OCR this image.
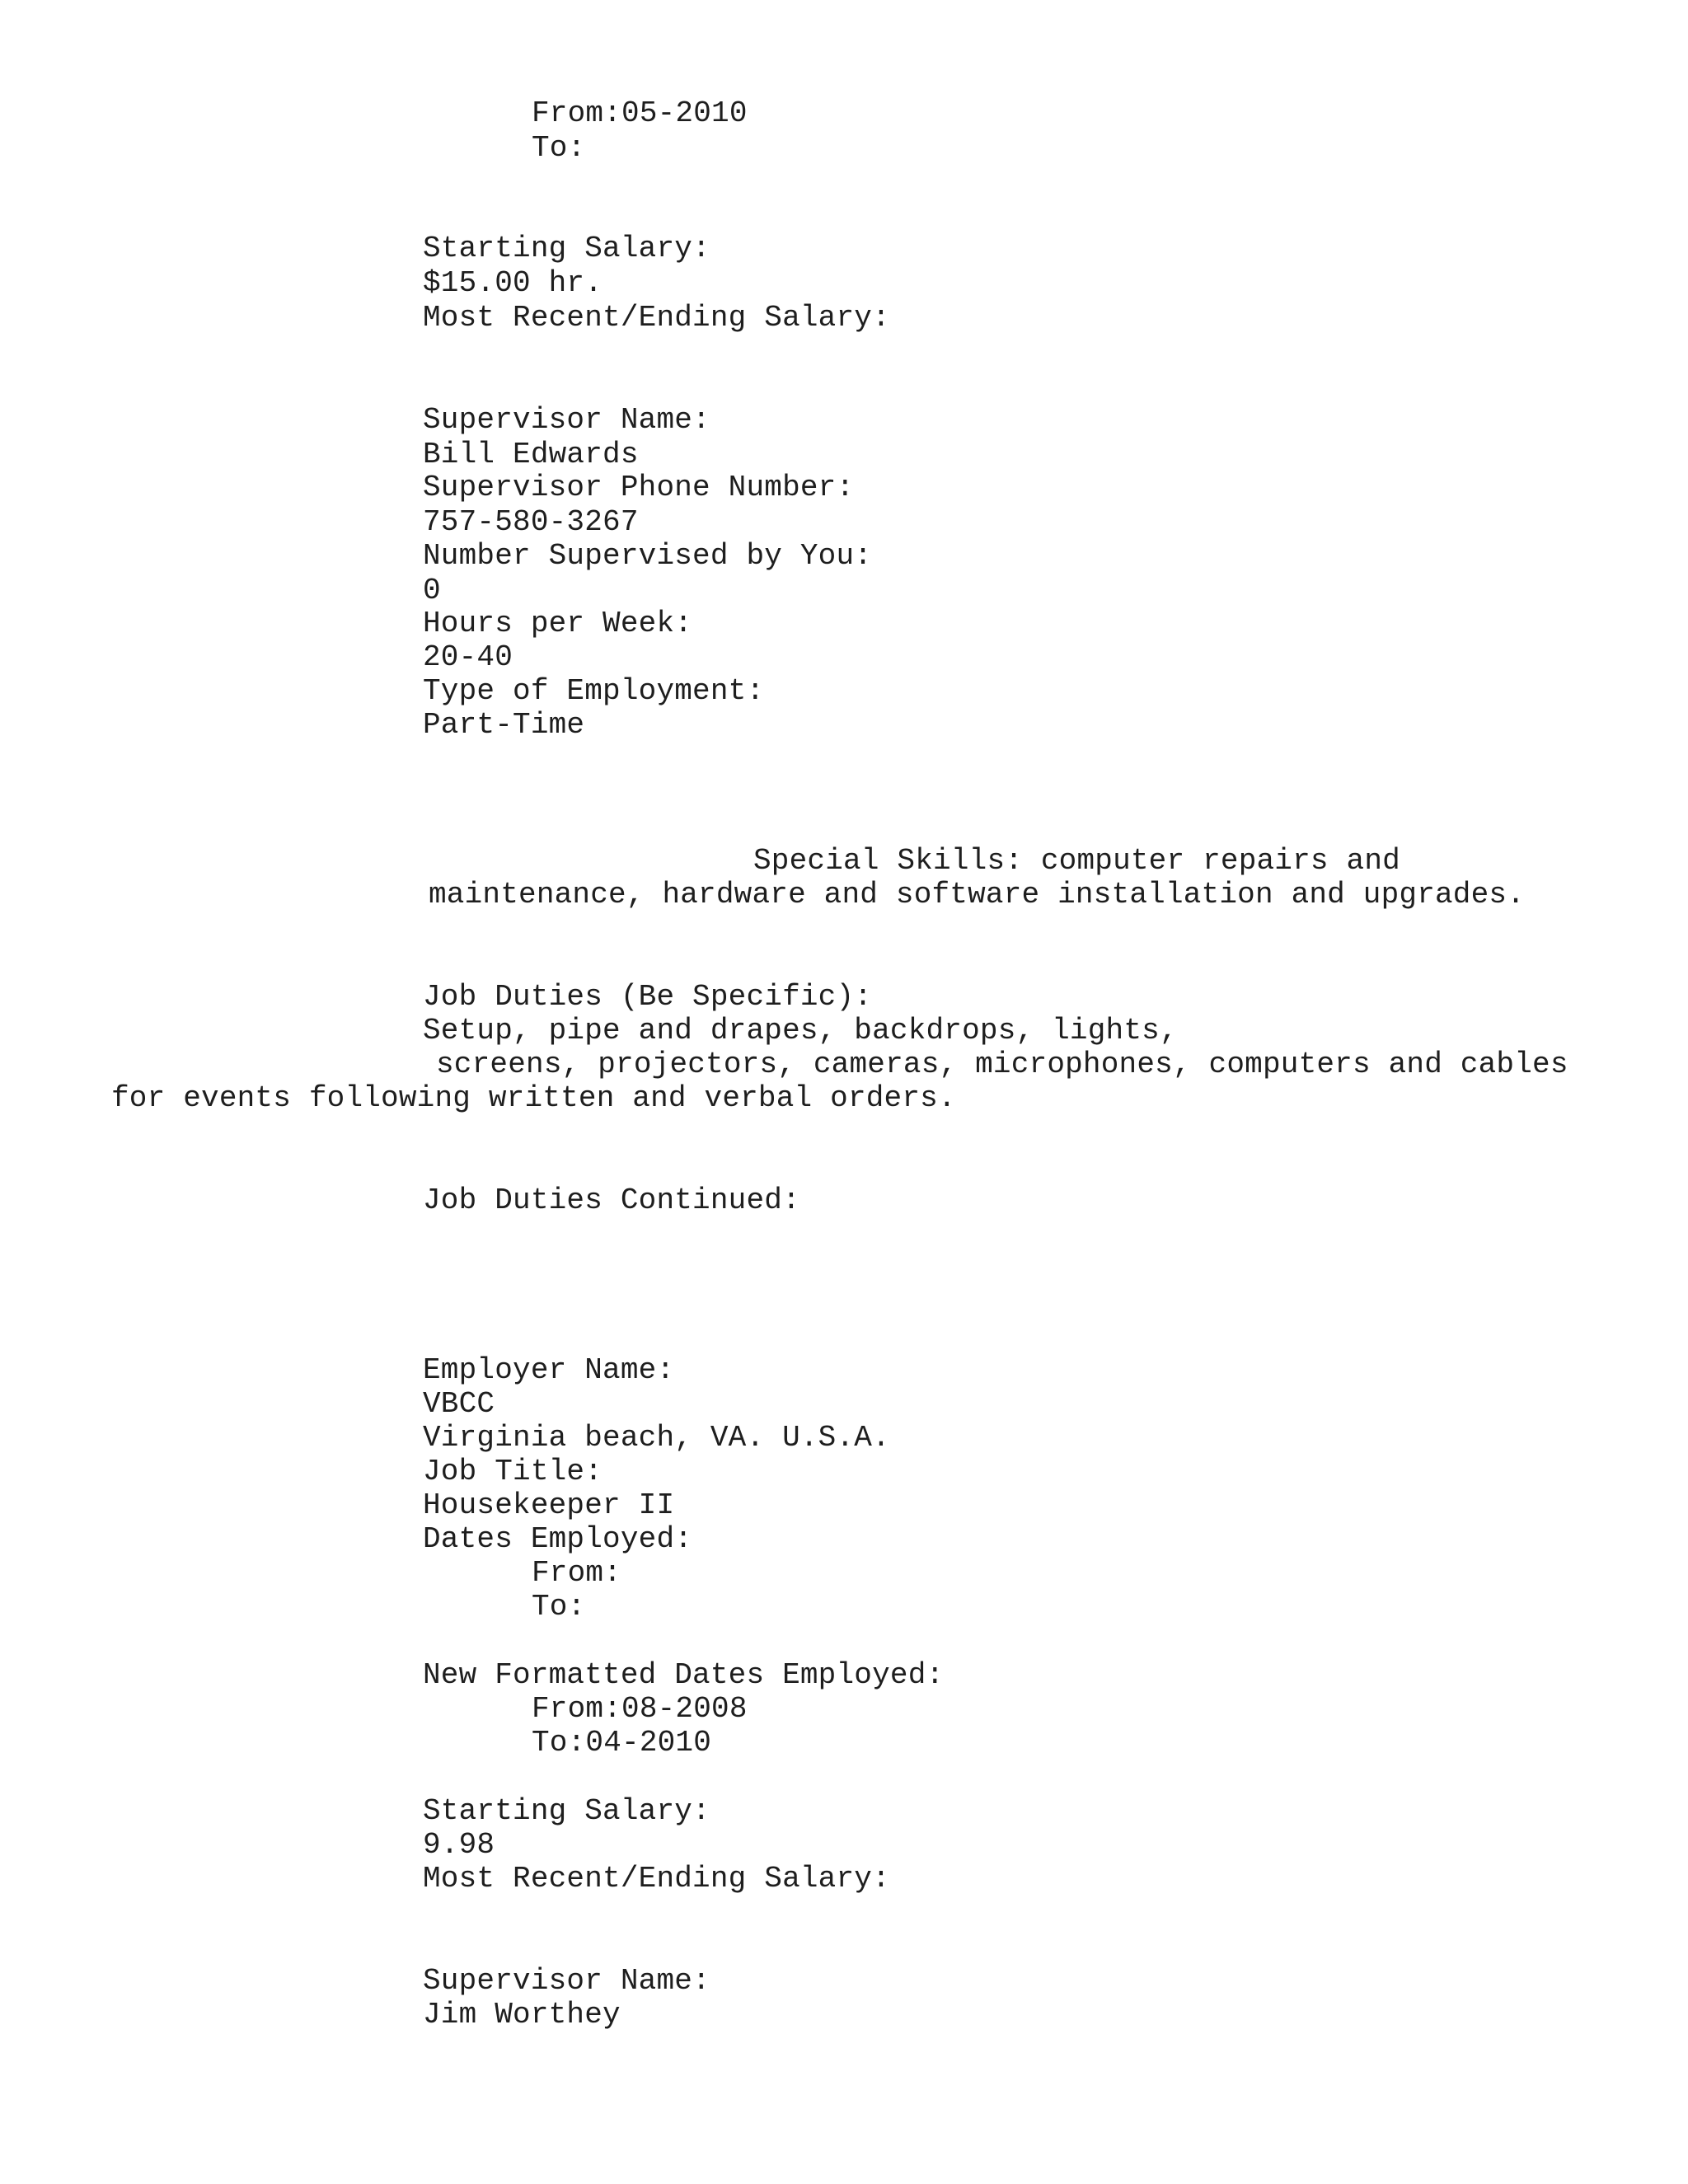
From:05-2010
To:
Starting Salary:
$15.00 hr.
Most Recent/Ending Salary:
Supervisor Name:
Bill Edwards
Supervisor Phone Number:
757-580-3267
Number Supervised by You:
0
Hours per Week:
20-40
Type of Employment:
Part-Time
Special Skills: computer repairs and
maintenance, hardware and software installation and upgrades.
Job Duties (Be Specific):
Setup, pipe and drapes, backdrops, lights,
screens, projectors, cameras, microphones, computers and cables
for events following written and verbal orders.
Job Duties Continued:
Employer Name:
VBCC
Virginia beach, VA. U.S.A.
Job Title:
Housekeeper II
Dates Employed:
From:
To:
New Formatted Dates Employed:
From:08-2008
To:04-2010
Starting Salary:
9.98
Most Recent/Ending Salary:
Supervisor Name:
Jim Worthey
